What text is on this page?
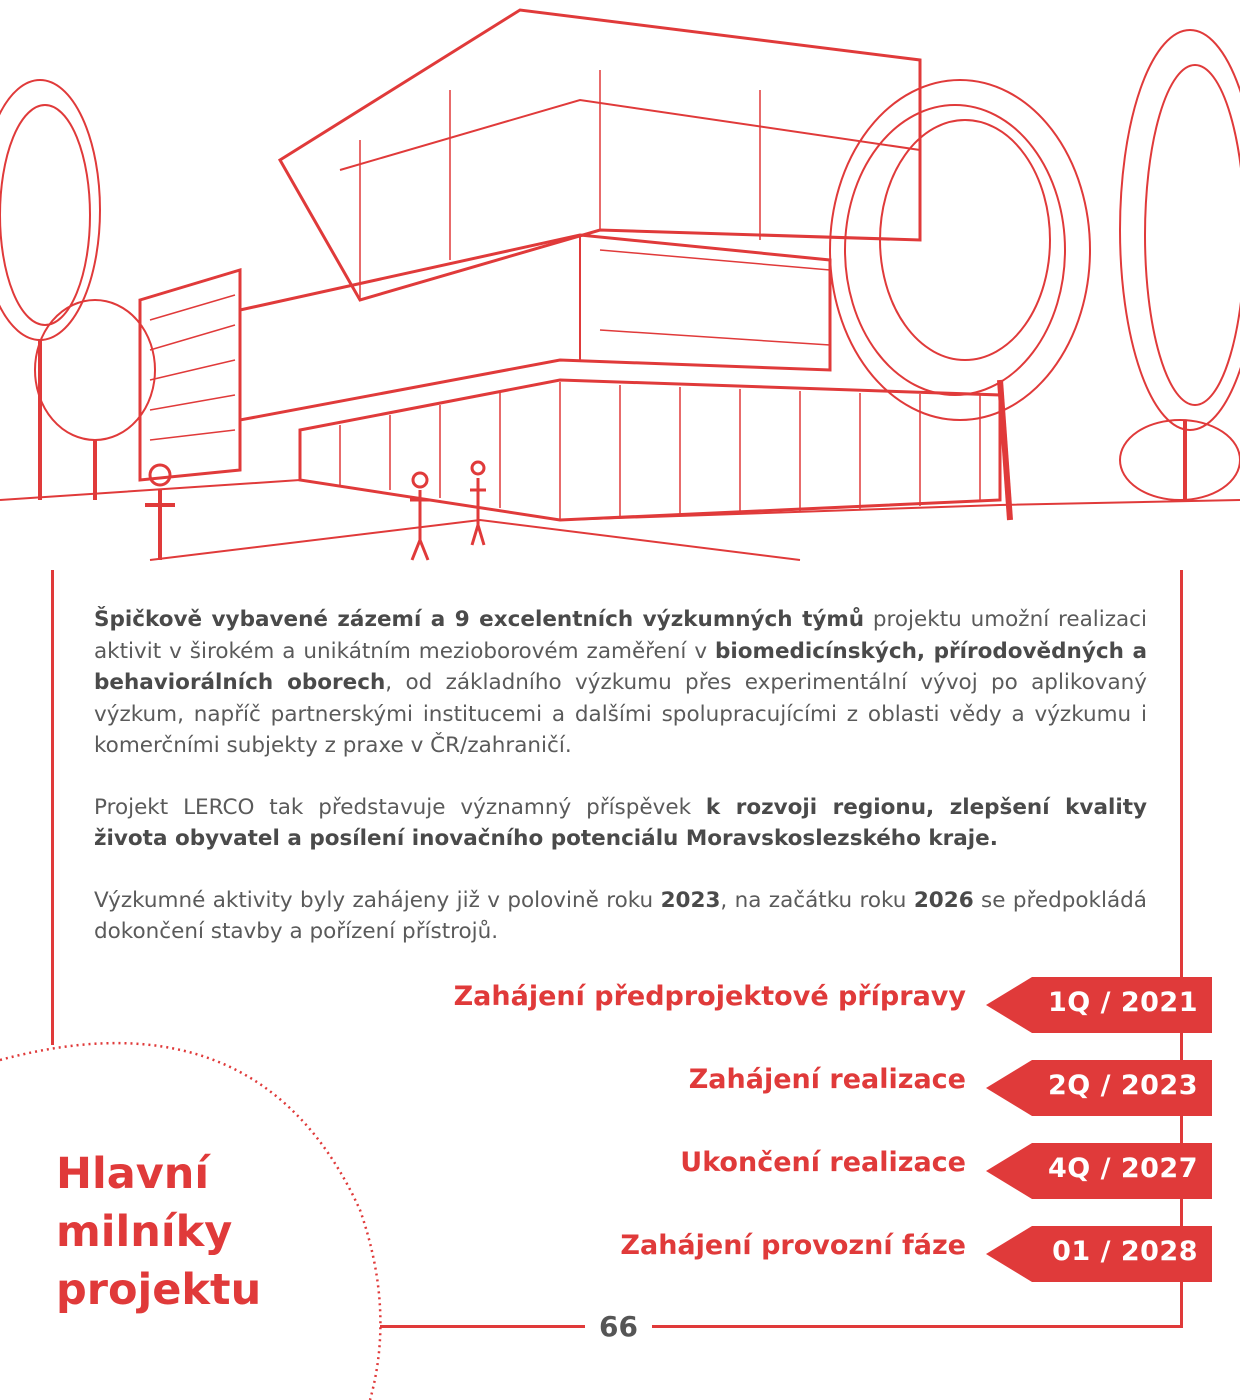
Špičkově vybavené zázemí a 9 excelentních výzkumných týmů projektu umožní realizaci aktivit v širokém a unikátním mezioborovém zaměření v biomedicínských, přírodovědných a behaviorálních oborech, od základního výzkumu přes experimentální vývoj po aplikovaný výzkum, napříč partnerskými institucemi a dalšími spolupracujícími z oblasti vědy a výzkumu i komerčními subjekty z praxe v ČR/zahraničí.

Projekt LERCO tak představuje významný příspěvek k rozvoji regionu, zlepšení kvality života obyvatel a posílení inovačního potenciálu Moravskoslezského kraje.

Výzkumné aktivity byly zahájeny již v polovině roku 2023, na začátku roku 2026 se předpokládá dokončení stavby a pořízení přístrojů.

Hlavní
milníky
projektu
Zahájení předprojektové přípravy	1Q / 2021
Zahájení realizace	2Q / 2023
Ukončení realizace	4Q / 2027
Zahájení provozní fáze	01 / 2028
66
